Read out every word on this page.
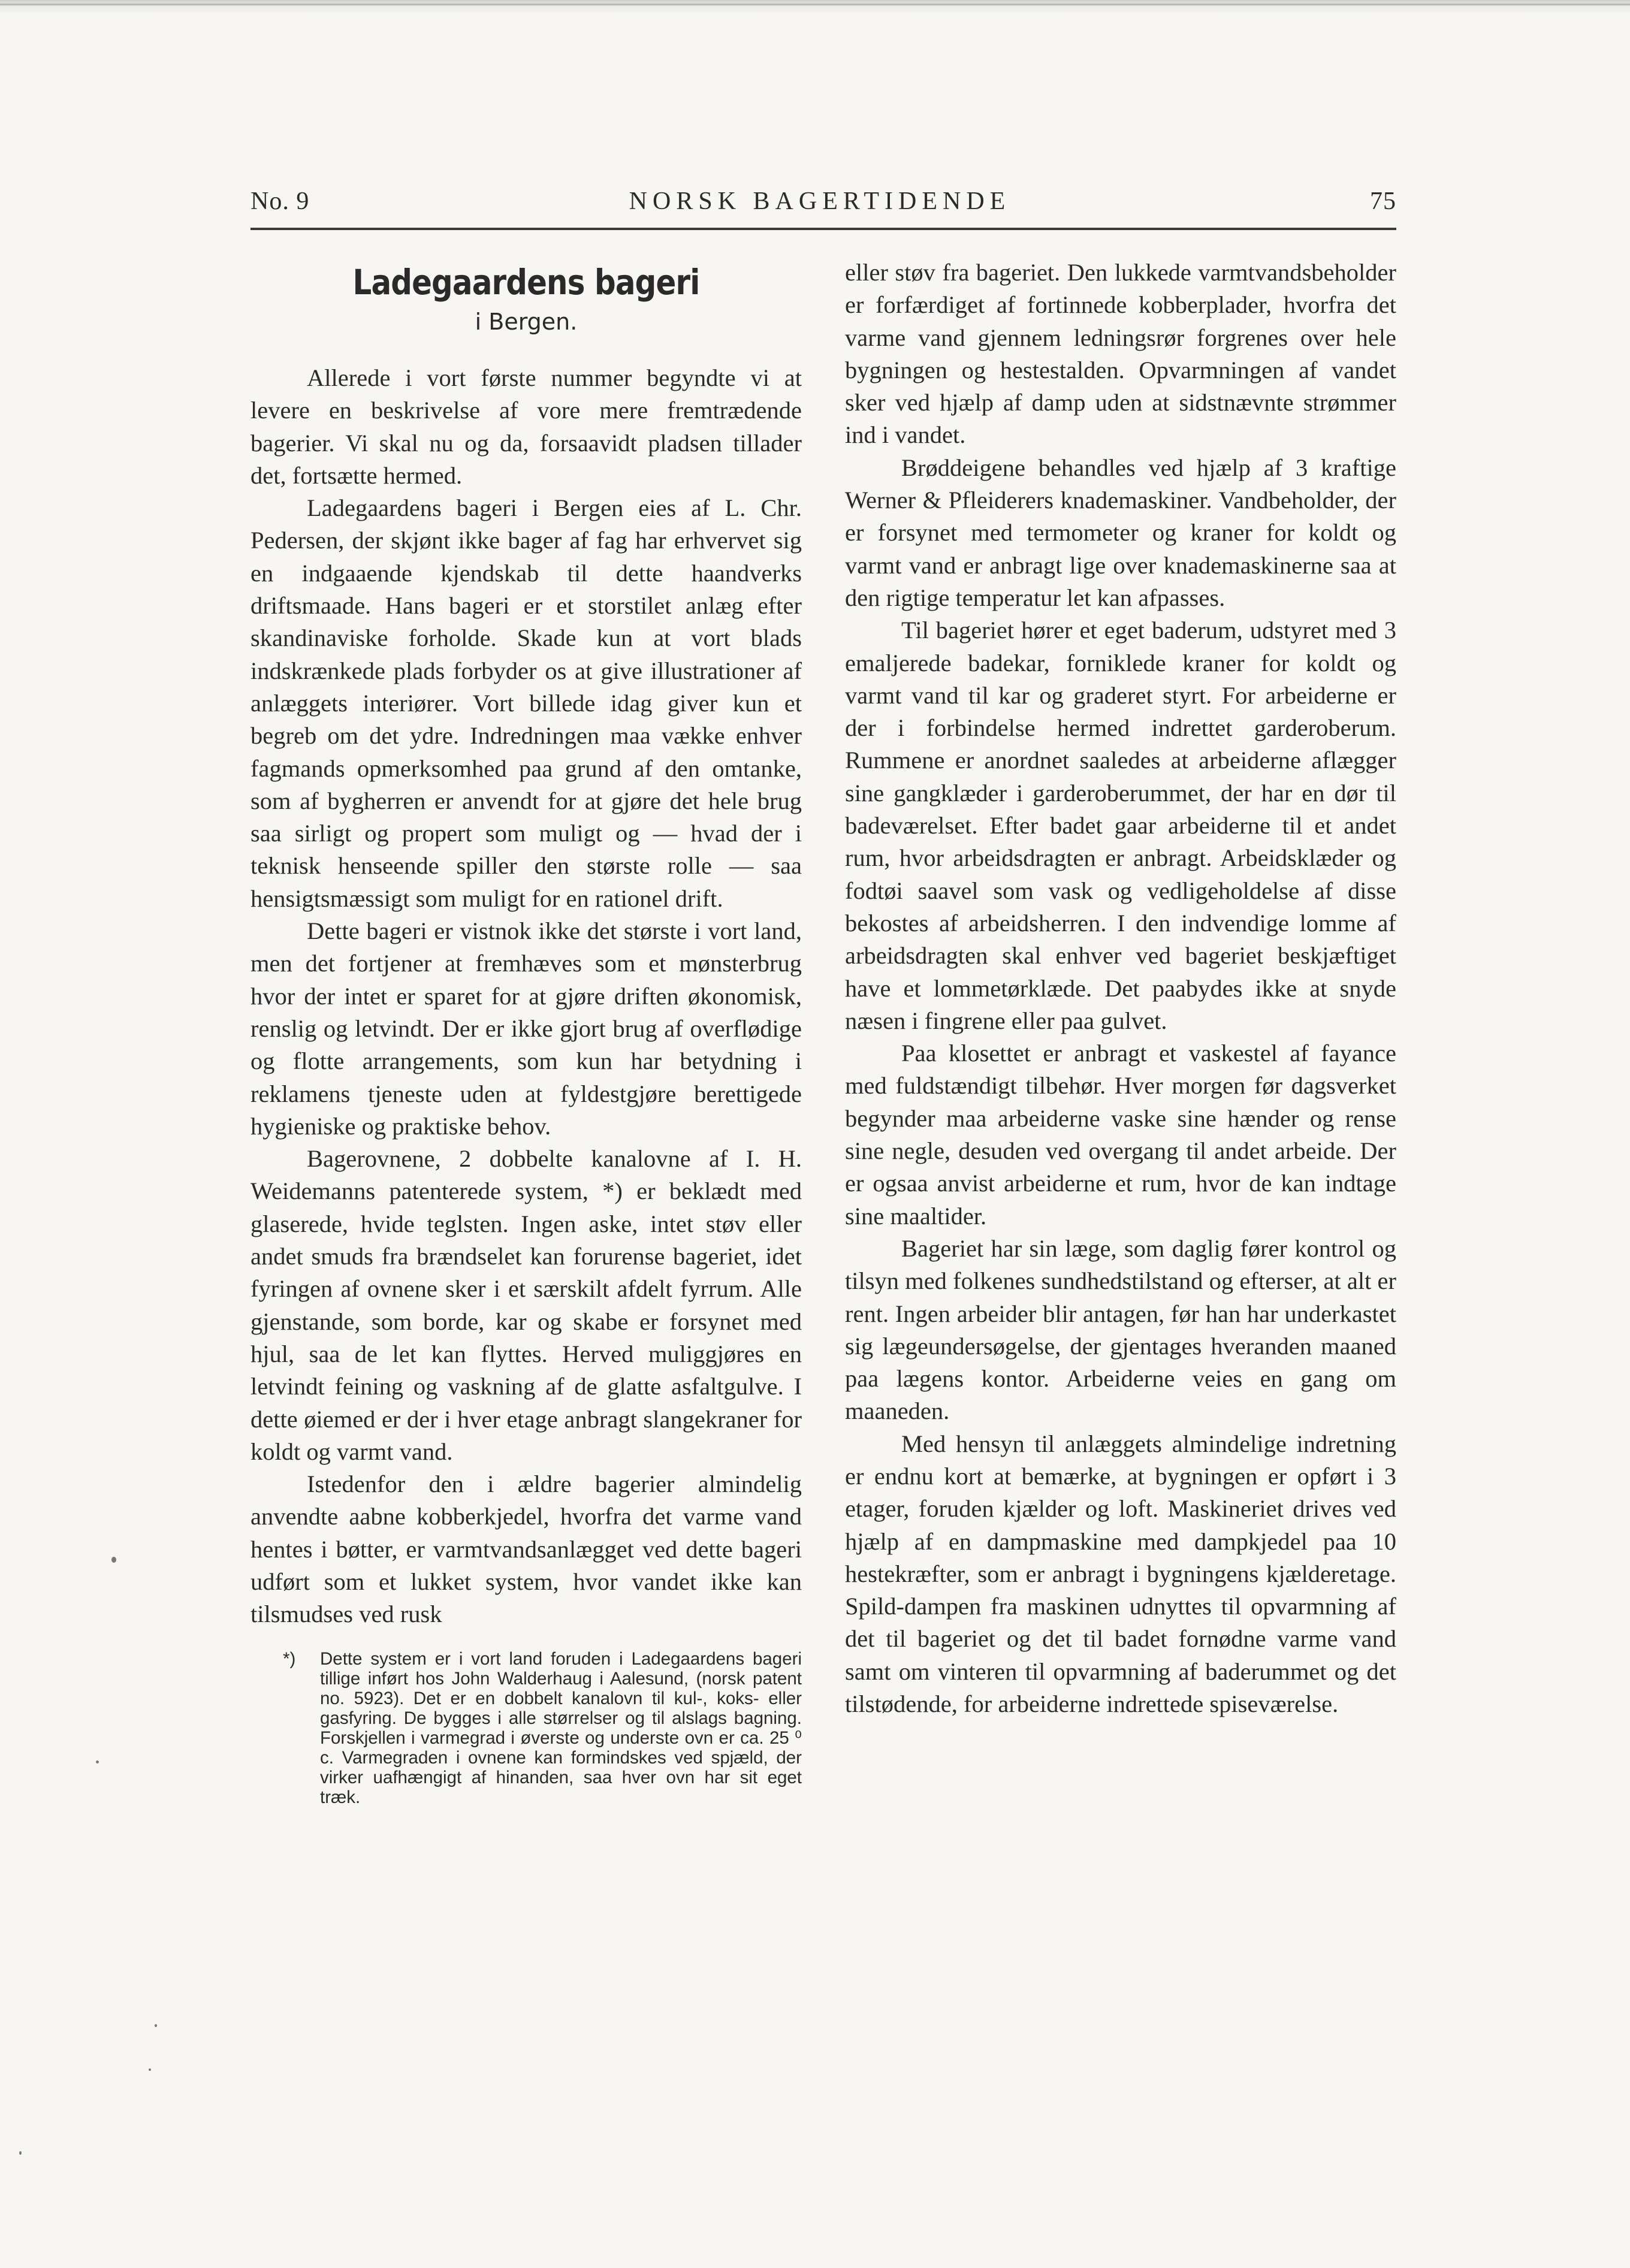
No. 9	NORSK BAGERTIDENDE	75
Ladegaardens bageri
i Bergen.

Allerede i vort første nummer begyndte vi at levere en beskrivelse af vore mere fremtrædende bagerier. Vi skal nu og da, forsaavidt pladsen tillader det, fortsætte hermed.

Ladegaardens bageri i Bergen eies af L. Chr. Pedersen, der skjønt ikke bager af fag har erhvervet sig en indgaaende kjendskab til dette haandverks driftsmaade. Hans bageri er et storstilet anlæg efter skandinaviske forholde. Skade kun at vort blads indskrænkede plads forbyder os at give illustrationer af anlæggets interiører. Vort billede idag giver kun et begreb om det ydre. Indredningen maa vække enhver fagmands opmerksomhed paa grund af den omtanke, som af bygherren er anvendt for at gjøre det hele brug saa sirligt og propert som muligt og — hvad der i teknisk henseende spiller den største rolle — saa hensigtsmæssigt som muligt for en rationel drift.

Dette bageri er vistnok ikke det største i vort land, men det fortjener at fremhæves som et mønsterbrug hvor der intet er sparet for at gjøre driften økonomisk, renslig og letvindt. Der er ikke gjort brug af overflødige og flotte arrangements, som kun har betydning i reklamens tjeneste uden at fyldestgjøre berettigede hygieniske og praktiske behov.

Bagerovnene, 2 dobbelte kanalovne af I. H. Weidemanns patenterede system, *) er beklædt med glaserede, hvide teglsten. Ingen aske, intet støv eller andet smuds fra brændselet kan forurense bageriet, idet fyringen af ovnene sker i et særskilt afdelt fyrrum. Alle gjenstande, som borde, kar og skabe er forsynet med hjul, saa de let kan flyttes. Herved muliggjøres en letvindt feining og vaskning af de glatte asfaltgulve. I dette øiemed er der i hver etage anbragt slangekraner for koldt og varmt vand.

Istedenfor den i ældre bagerier almindelig anvendte aabne kobberkjedel, hvorfra det varme vand hentes i bøtter, er varmtvandsanlægget ved dette bageri udført som et lukket system, hvor vandet ikke kan tilsmudses ved rusk

*) Dette system er i vort land foruden i Ladegaardens bageri tillige inført hos John Walderhaug i Aalesund, (norsk patent no. 5923). Det er en dobbelt kanalovn til kul-, koks- eller gasfyring. De bygges i alle størrelser og til alslags bagning. Forskjellen i varmegrad i øverste og underste ovn er ca. 25 ⁰ c. Varmegraden i ovnene kan formindskes ved spjæld, der virker uafhængigt af hinanden, saa hver ovn har sit eget træk.

eller støv fra bageriet. Den lukkede varmtvandsbeholder er forfærdiget af fortinnede kobberplader, hvorfra det varme vand gjennem ledningsrør forgrenes over hele bygningen og hestestalden. Opvarmningen af vandet sker ved hjælp af damp uden at sidstnævnte strømmer ind i vandet.

Brøddeigene behandles ved hjælp af 3 kraftige Werner & Pfleiderers knademaskiner. Vandbeholder, der er forsynet med termometer og kraner for koldt og varmt vand er anbragt lige over knademaskinerne saa at den rigtige temperatur let kan afpasses.

Til bageriet hører et eget baderum, udstyret med 3 emaljerede badekar, forniklede kraner for koldt og varmt vand til kar og graderet styrt. For arbeiderne er der i forbindelse hermed indrettet garderoberum. Rummene er anordnet saaledes at arbeiderne aflægger sine gangklæder i garderoberummet, der har en dør til badeværelset. Efter badet gaar arbeiderne til et andet rum, hvor arbeidsdragten er anbragt. Arbeidsklæder og fodtøi saavel som vask og vedligeholdelse af disse bekostes af arbeidsherren. I den indvendige lomme af arbeidsdragten skal enhver ved bageriet beskjæftiget have et lommetørklæde. Det paabydes ikke at snyde næsen i fingrene eller paa gulvet.

Paa klosettet er anbragt et vaskestel af fayance med fuldstændigt tilbehør. Hver morgen før dagsverket begynder maa arbeiderne vaske sine hænder og rense sine negle, desuden ved overgang til andet arbeide. Der er ogsaa anvist arbeiderne et rum, hvor de kan indtage sine maaltider.

Bageriet har sin læge, som daglig fører kontrol og tilsyn med folkenes sundhedstilstand og efterser, at alt er rent. Ingen arbeider blir antagen, før han har underkastet sig lægeundersøgelse, der gjentages hveranden maaned paa lægens kontor. Arbeiderne veies en gang om maaneden.

Med hensyn til anlæggets almindelige indretning er endnu kort at bemærke, at bygningen er opført i 3 etager, foruden kjælder og loft. Maskineriet drives ved hjælp af en dampmaskine med dampkjedel paa 10 hestekræfter, som er anbragt i bygningens kjælderetage. Spild-dampen fra maskinen udnyttes til opvarmning af det til bageriet og det til badet fornødne varme vand samt om vinteren til opvarmning af baderummet og det tilstødende, for arbeiderne indrettede spiseværelse.
